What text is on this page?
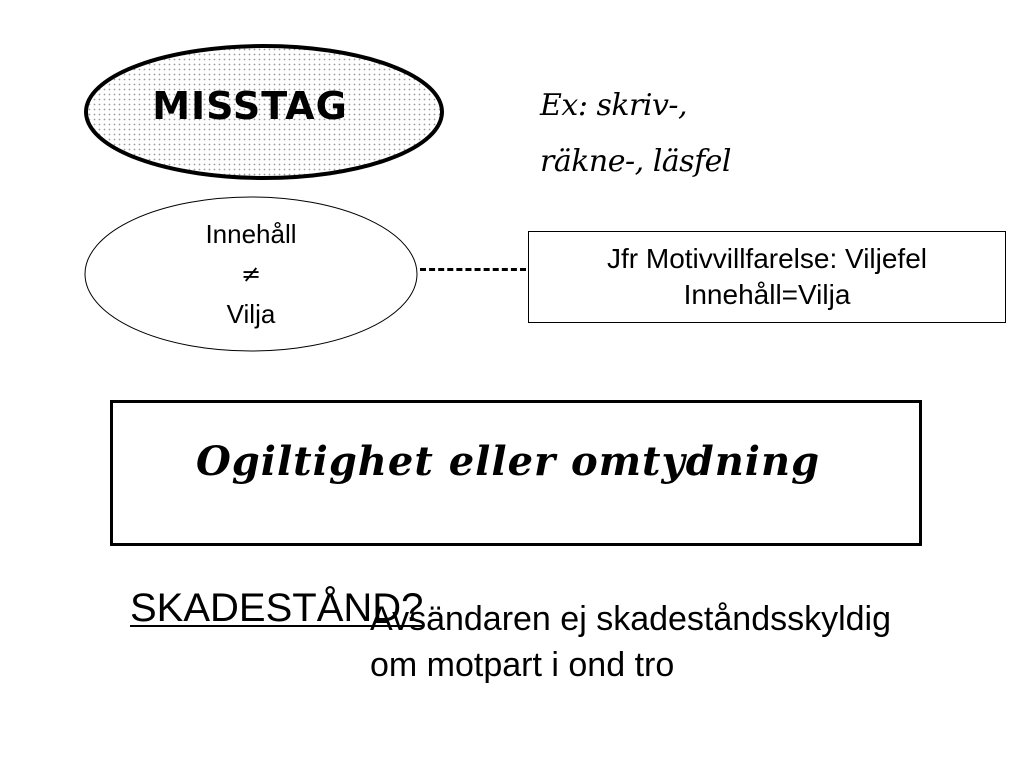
MISSTAG	Ex: skriv-,
räkne-, läsfel
Innehåll
≠
Vilja
Jfr Motivvillfarelse: Viljefel
Innehåll=Vilja
Ogiltighet eller omtydning
SKADESTÅND?
Avsändaren ej skadeståndsskyldig
om motpart i ond tro
